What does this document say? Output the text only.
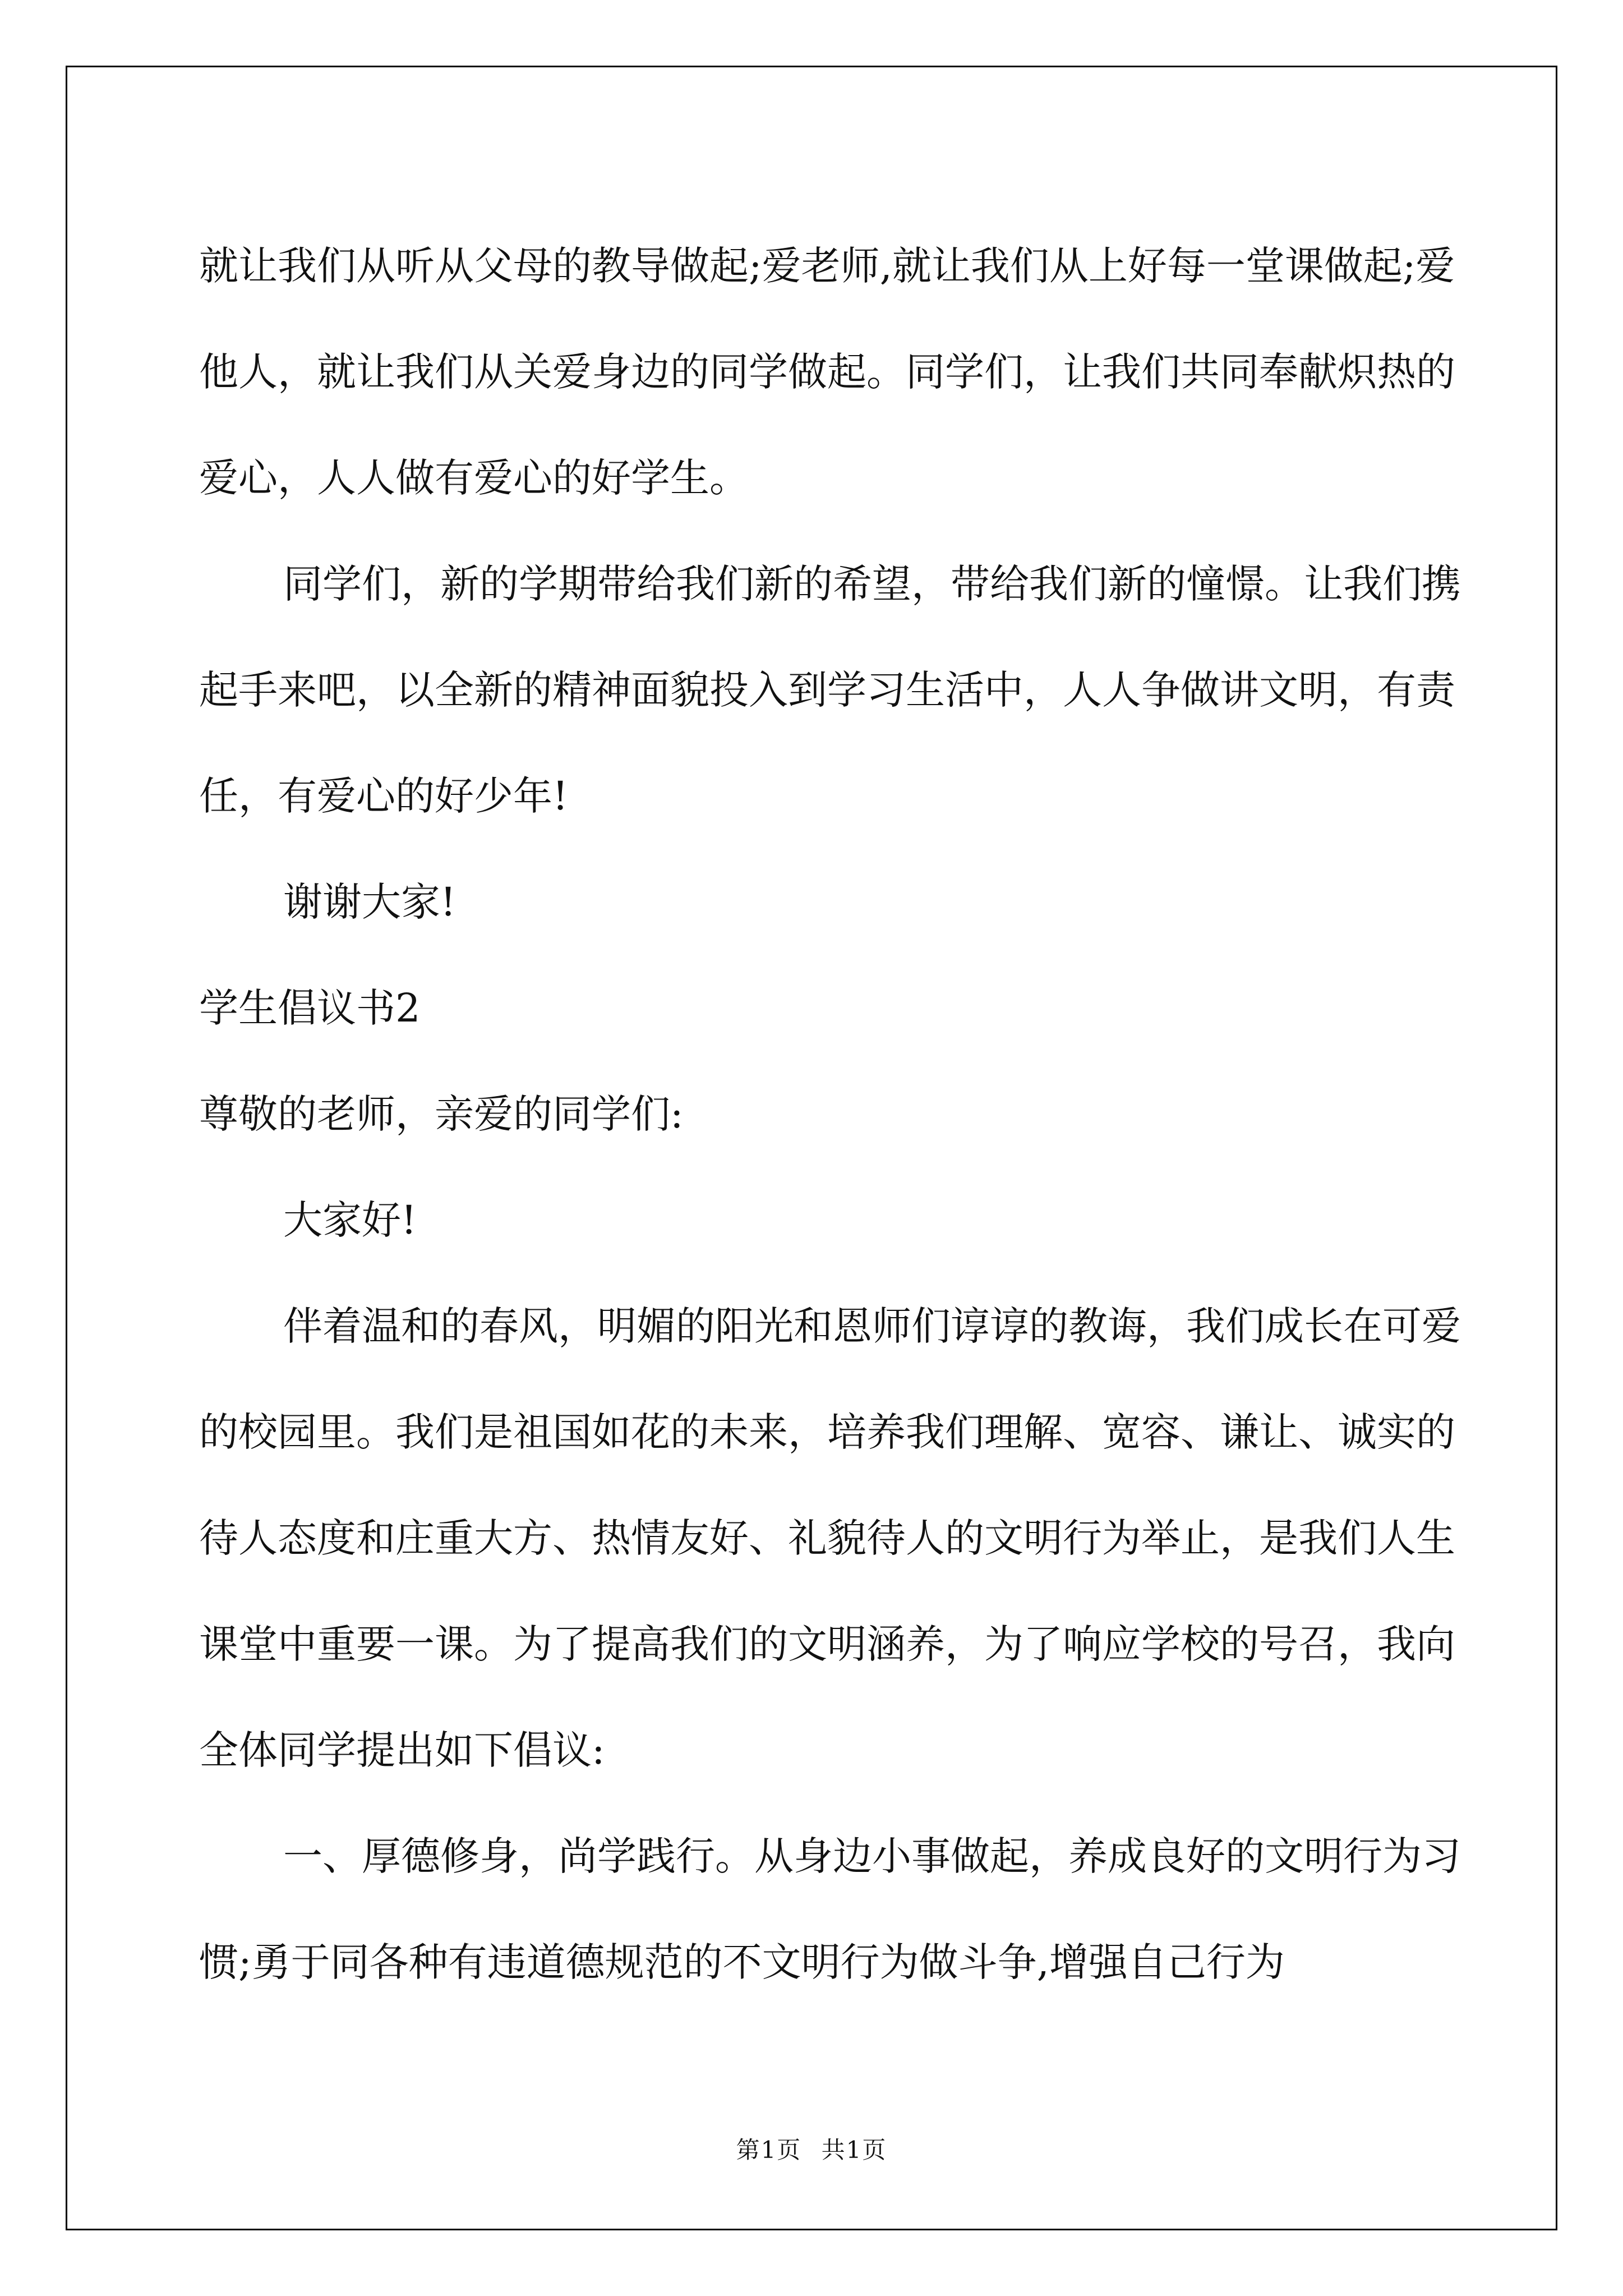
就让我们从听从父母的教导做起;爱老师,就让我们从上好每一堂课做起;爱他人，就让我们从关爱身边的同学做起。同学们，让我们共同奉献炽热的爱心，人人做有爱心的好学生。

同学们，新的学期带给我们新的希望，带给我们新的憧憬。让我们携起手来吧，以全新的精神面貌投入到学习生活中，人人争做讲文明，有责任，有爱心的好少年!

谢谢大家!

学生倡议书2

尊敬的老师，亲爱的同学们:

大家好!

伴着温和的春风，明媚的阳光和恩师们谆谆的教诲，我们成长在可爱的校园里。我们是祖国如花的未来，培养我们理解、宽容、谦让、诚实的待人态度和庄重大方、热情友好、礼貌待人的文明行为举止，是我们人生课堂中重要一课。为了提高我们的文明涵养，为了响应学校的号召，我向全体同学提出如下倡议:

一、厚德修身，尚学践行。从身边小事做起，养成良好的文明行为习惯;勇于同各种有违道德规范的不文明行为做斗争,增强自己行为

第1页 共1页
